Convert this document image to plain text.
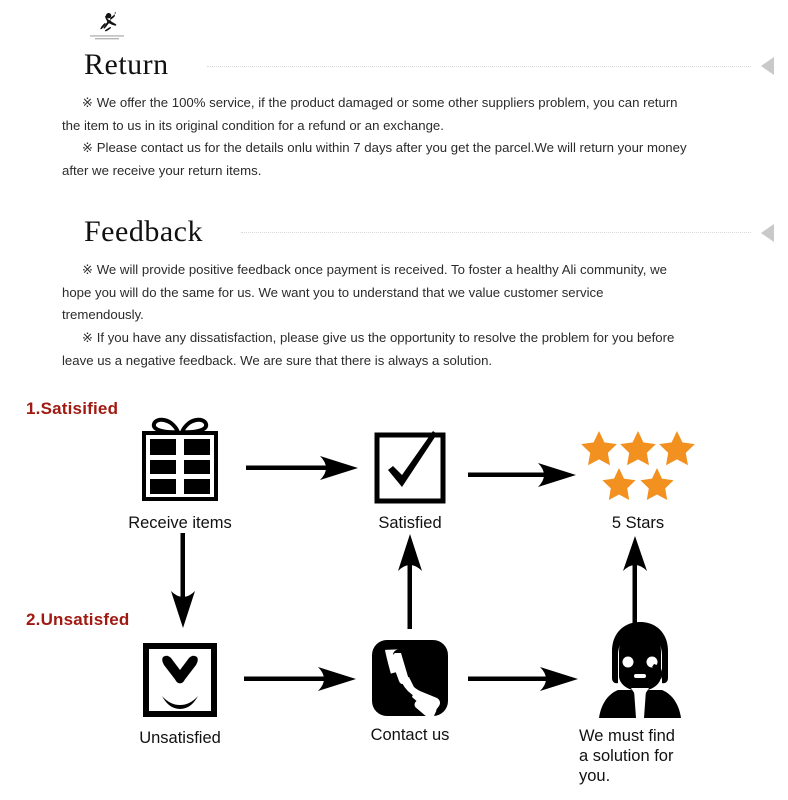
Return

※ We offer the 100% service, if the product damaged or some other suppliers problem, you can return the item to us in its original condition for a refund or an exchange.

※ Please contact us for the details onlu within 7 days after you get the parcel.We will return your money after we receive your return items.

Feedback

※ We will provide positive feedback once payment is received. To foster a healthy Ali community, we hope you will do the same for us. We want you to understand that we value customer service tremendously.

※ If you have any dissatisfaction, please give us the opportunity to resolve the problem for you before leave us a negative feedback. We are sure that there is always a solution.

1.Satisified
2.Unsatisfed
Receive items	Satisfied	5 Stars
Unsatisfied	Contact us	We must find
a solution for
you.
